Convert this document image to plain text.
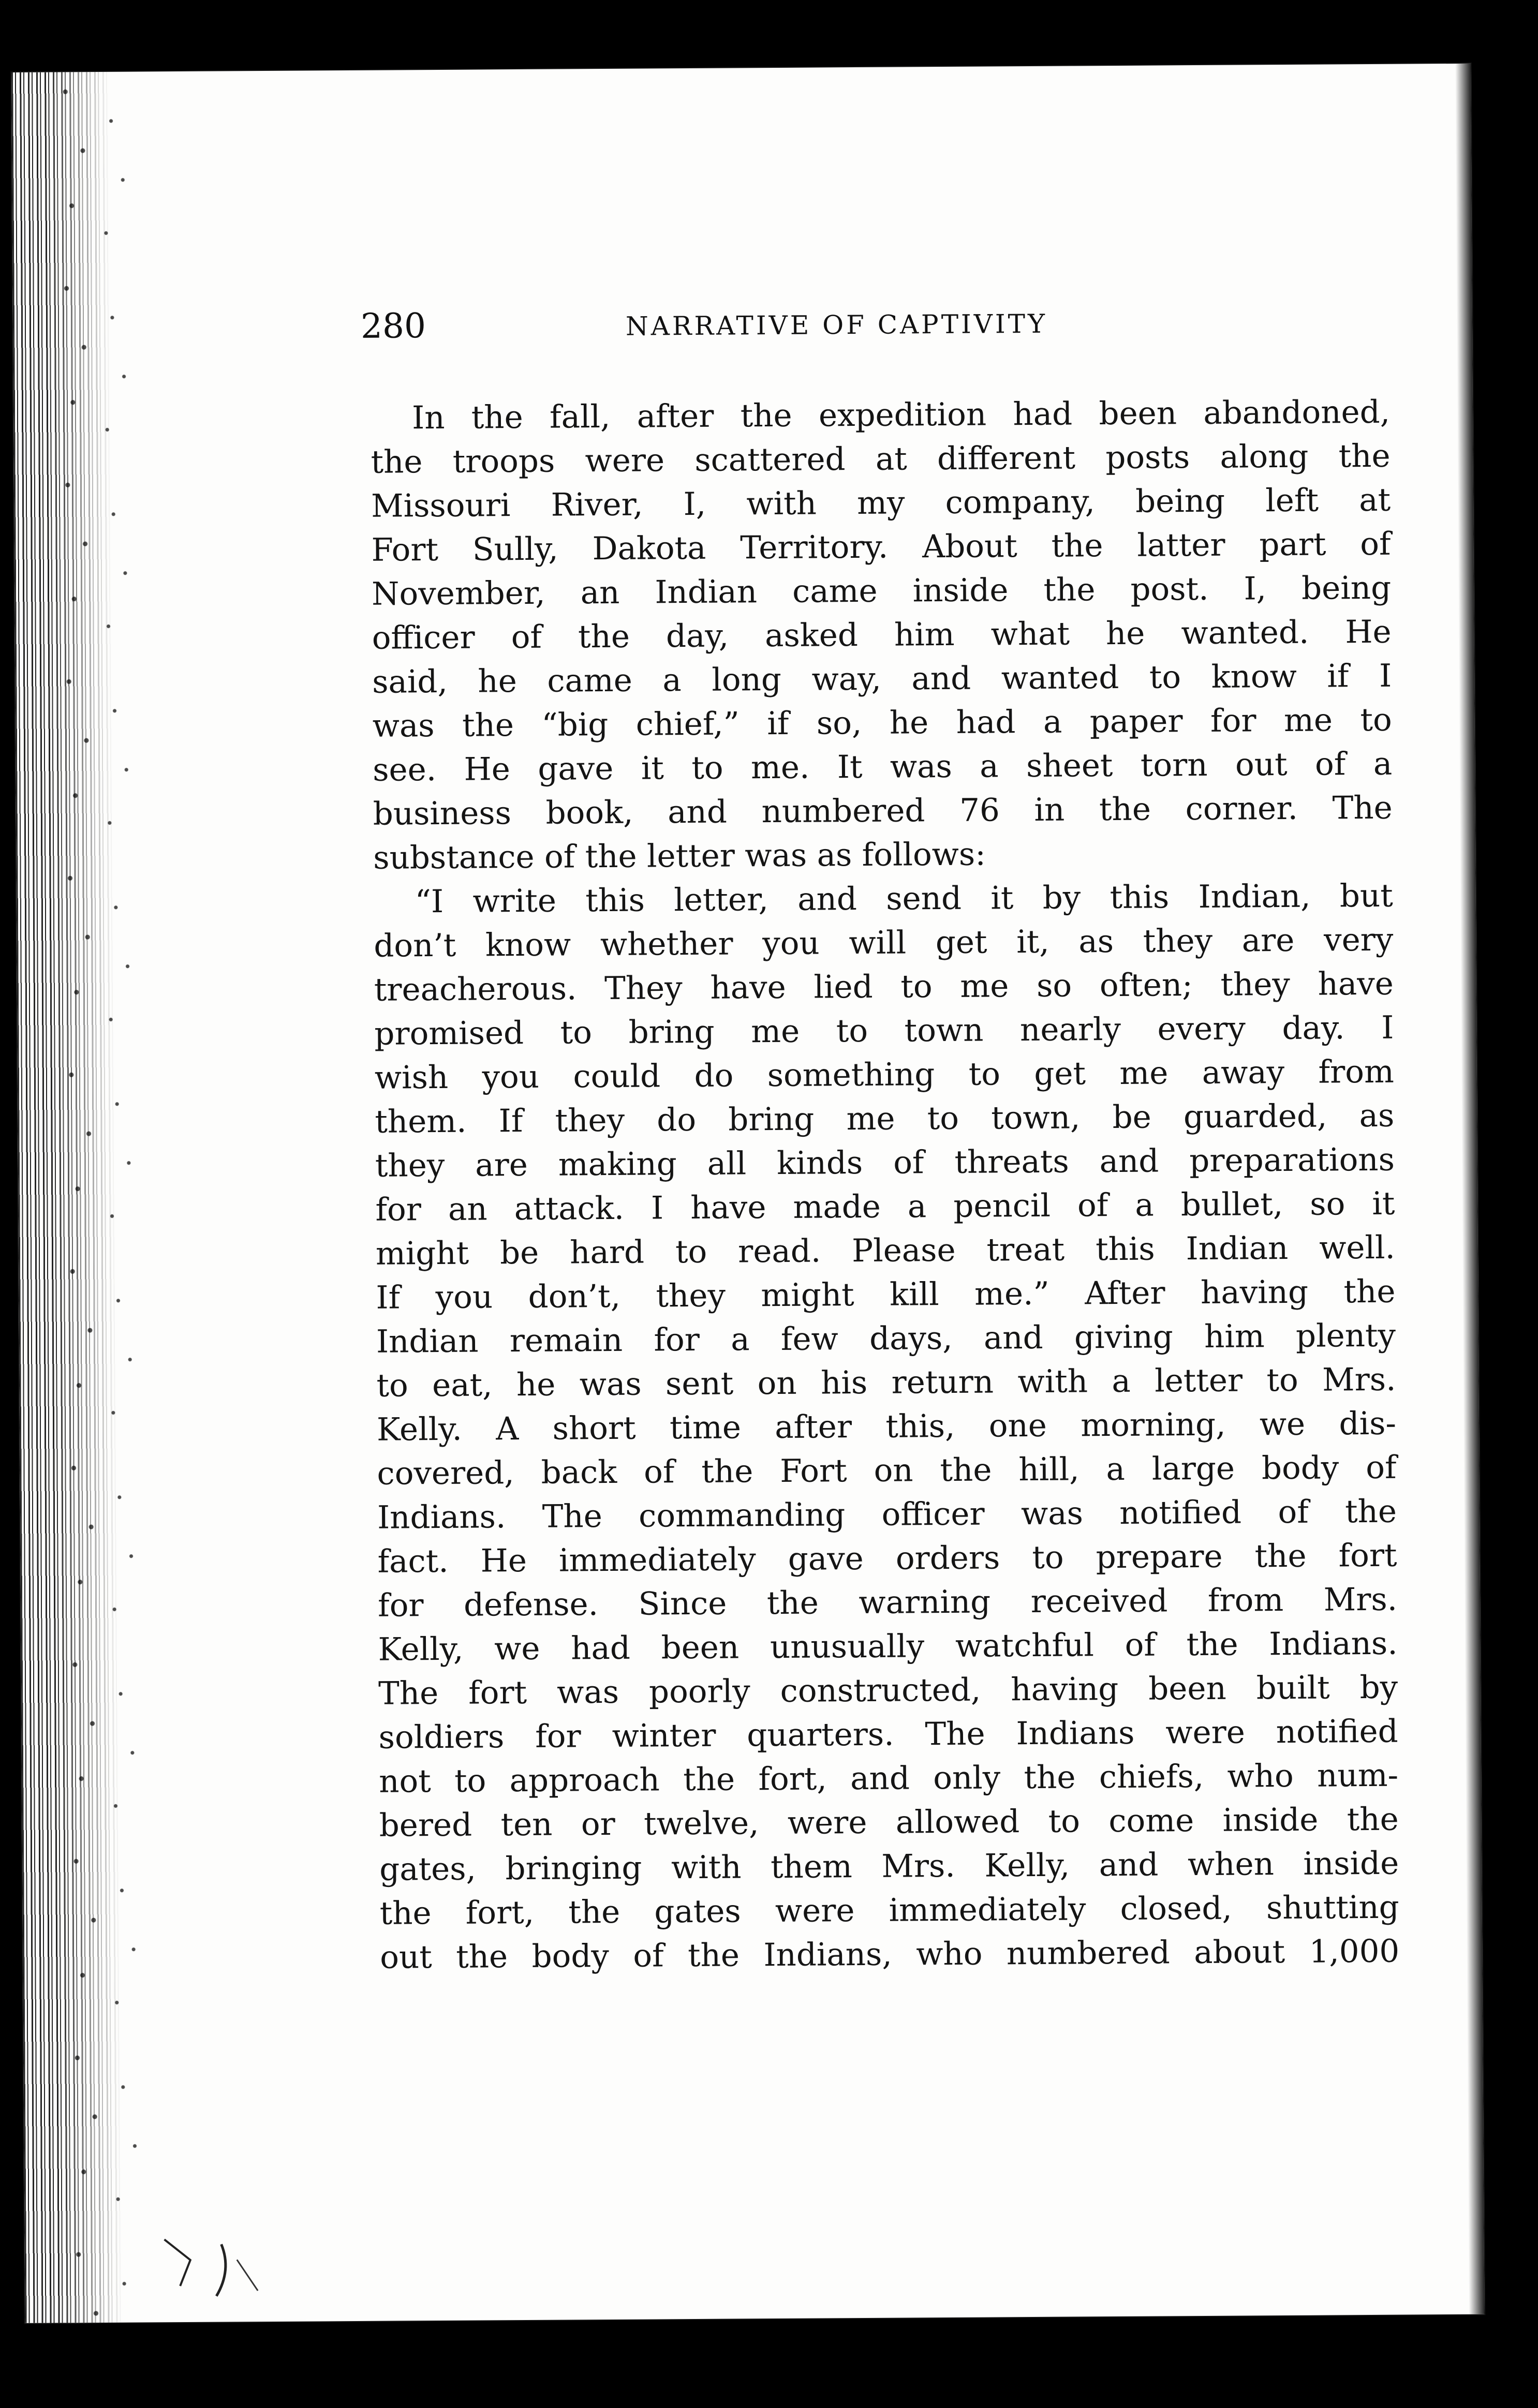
280	NARRATIVE OF CAPTIVITY
In the fall, after the expedition had been abandoned,
the troops were scattered at different posts along the
Missouri River, I, with my company, being left at
Fort Sully, Dakota Territory. About the latter part of
November, an Indian came inside the post. I, being
officer of the day, asked him what he wanted. He
said, he came a long way, and wanted to know if I
was the “big chief,” if so, he had a paper for me to
see. He gave it to me. It was a sheet torn out of a
business book, and numbered 76 in the corner. The
substance of the letter was as follows:
“I write this letter, and send it by this Indian, but
don’t know whether you will get it, as they are very
treacherous. They have lied to me so often; they have
promised to bring me to town nearly every day. I
wish you could do something to get me away from
them. If they do bring me to town, be guarded, as
they are making all kinds of threats and preparations
for an attack. I have made a pencil of a bullet, so it
might be hard to read. Please treat this Indian well.
If you don’t, they might kill me.” After having the
Indian remain for a few days, and giving him plenty
to eat, he was sent on his return with a letter to Mrs.
Kelly. A short time after this, one morning, we dis-
covered, back of the Fort on the hill, a large body of
Indians. The commanding officer was notified of the
fact. He immediately gave orders to prepare the fort
for defense. Since the warning received from Mrs.
Kelly, we had been unusually watchful of the Indians.
The fort was poorly constructed, having been built by
soldiers for winter quarters. The Indians were notified
not to approach the fort, and only the chiefs, who num-
bered ten or twelve, were allowed to come inside the
gates, bringing with them Mrs. Kelly, and when inside
the fort, the gates were immediately closed, shutting
out the body of the Indians, who numbered about 1,000
